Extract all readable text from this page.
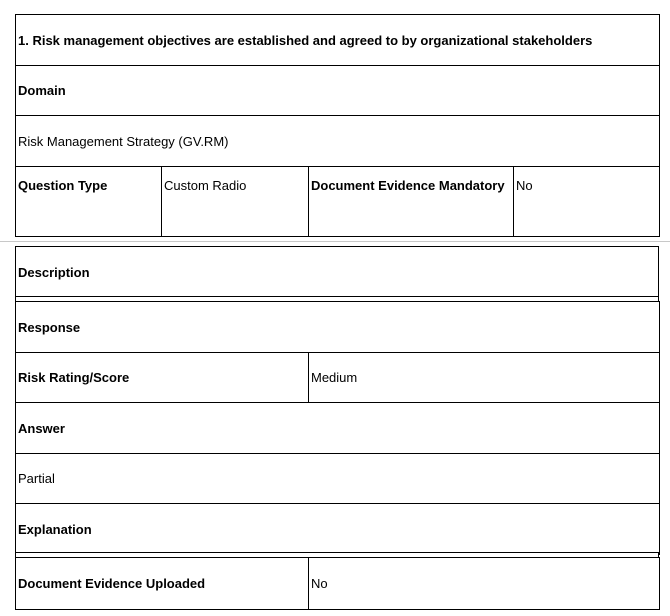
1. Risk management objectives are established and agreed to by organizational stakeholders
Domain
Risk Management Strategy (GV.RM)
Question Type	Custom Radio	Document Evidence Mandatory	No
Description
Response
Risk Rating/Score	Medium
Answer
Partial
Explanation
Document Evidence Uploaded	No
